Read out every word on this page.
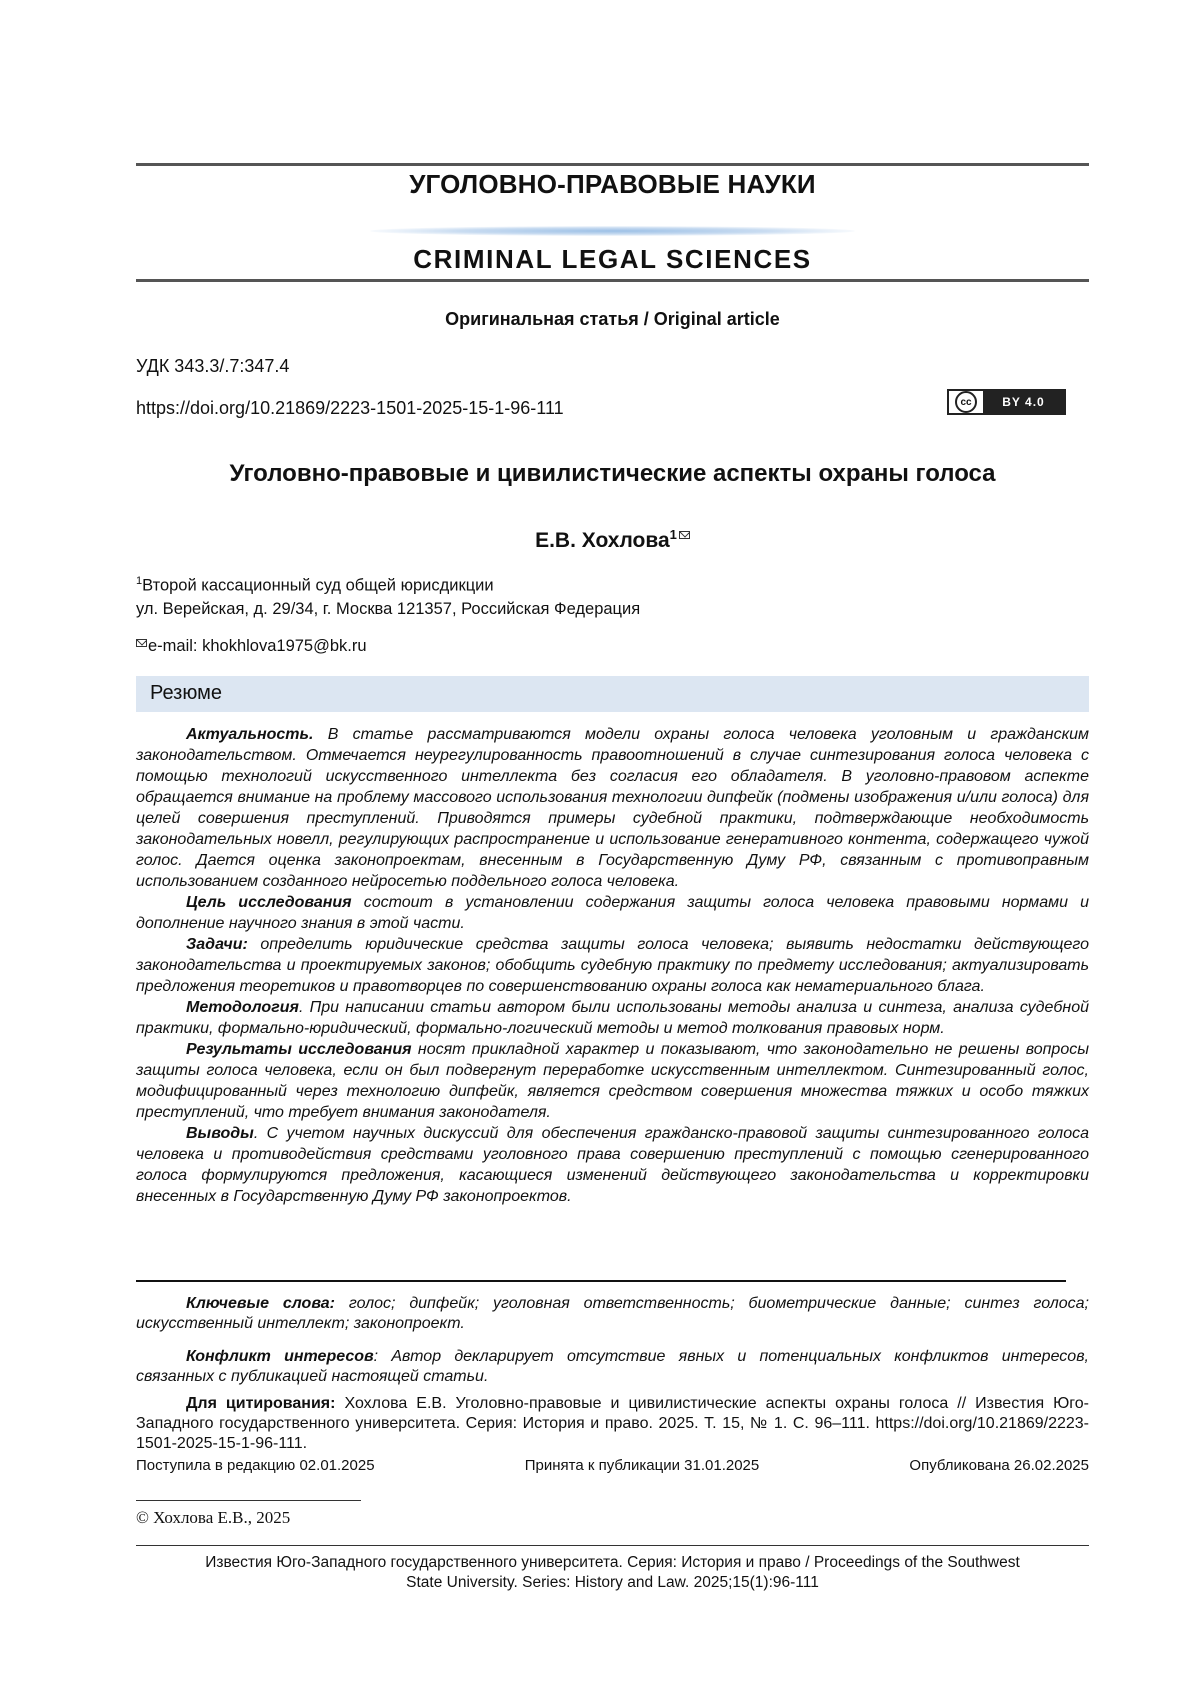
УГОЛОВНО-ПРАВОВЫЕ НАУКИ
CRIMINAL LEGAL SCIENCES
Оригинальная статья / Original article
УДК 343.3/.7:347.4
https://doi.org/10.21869/2223-1501-2025-15-1-96-111	cc	BY 4.0
Уголовно-правовые и цивилистические аспекты охраны голоса
Е.В. Хохлова$^1$
$^1$Второй кассационный суд общей юрисдикции
ул. Верейская, д. 29/34, г. Москва 121357, Российская Федерация
e-mail: khokhlova1975@bk.ru
Резюме

Актуальность. В статье рассматриваются модели охраны голоса человека уголовным и гражданским законодательством. Отмечается неурегулированность правоотношений в случае синтезирования голоса человека с помощью технологий искусственного интеллекта без согласия его обладателя. В уголовно-правовом аспекте обращается внимание на проблему массового использования технологии дипфейк (подмены изображения и/или голоса) для целей совершения преступлений. Приводятся примеры судебной практики, подтверждающие необходимость законодательных новелл, регулирующих распространение и использование генеративного контента, содержащего чужой голос. Дается оценка законопроектам, внесенным в Государственную Думу РФ, связанным с противоправным использованием созданного нейросетью поддельного голоса человека.

Цель исследования состоит в установлении содержания защиты голоса человека правовыми нормами и дополнение научного знания в этой части.

Задачи: определить юридические средства защиты голоса человека; выявить недостатки действующего законодательства и проектируемых законов; обобщить судебную практику по предмету исследования; актуализировать предложения теоретиков и правотворцев по совершенствованию охраны голоса как нематериального блага.

Методология. При написании статьи автором были использованы методы анализа и синтеза, анализа судебной практики, формально-юридический, формально-логический методы и метод толкования правовых норм.

Результаты исследования носят прикладной характер и показывают, что законодательно не решены вопросы защиты голоса человека, если он был подвергнут переработке искусственным интеллектом. Синтезированный голос, модифицированный через технологию дипфейк, является средством совершения множества тяжких и особо тяжких преступлений, что требует внимания законодателя.

Выводы. С учетом научных дискуссий для обеспечения гражданско-правовой защиты синтезированного голоса человека и противодействия средствами уголовного права совершению преступлений с помощью сгенерированного голоса формулируются предложения, касающиеся изменений действующего законодательства и корректировки внесенных в Государственную Думу РФ законопроектов.

Ключевые слова: голос; дипфейк; уголовная ответственность; биометрические данные; синтез голоса; искусственный интеллект; законопроект.

Конфликт интересов: Автор декларирует отсутствие явных и потенциальных конфликтов интересов, связанных с публикацией настоящей статьи.

Для цитирования: Хохлова Е.В. Уголовно-правовые и цивилистические аспекты охраны голоса // Известия Юго-Западного государственного университета. Серия: История и право. 2025. Т. 15, № 1. С. 96–111. https://doi.org/10.21869/2223-1501-2025-15-1-96-111.

Поступила в редакцию 02.01.2025	Принята к публикации 31.01.2025	Опубликована 26.02.2025
© Хохлова Е.В., 2025
Известия Юго-Западного государственного университета. Серия: История и право / Proceedings of the Southwest
State University. Series: History and Law. 2025;15(1):96-111
